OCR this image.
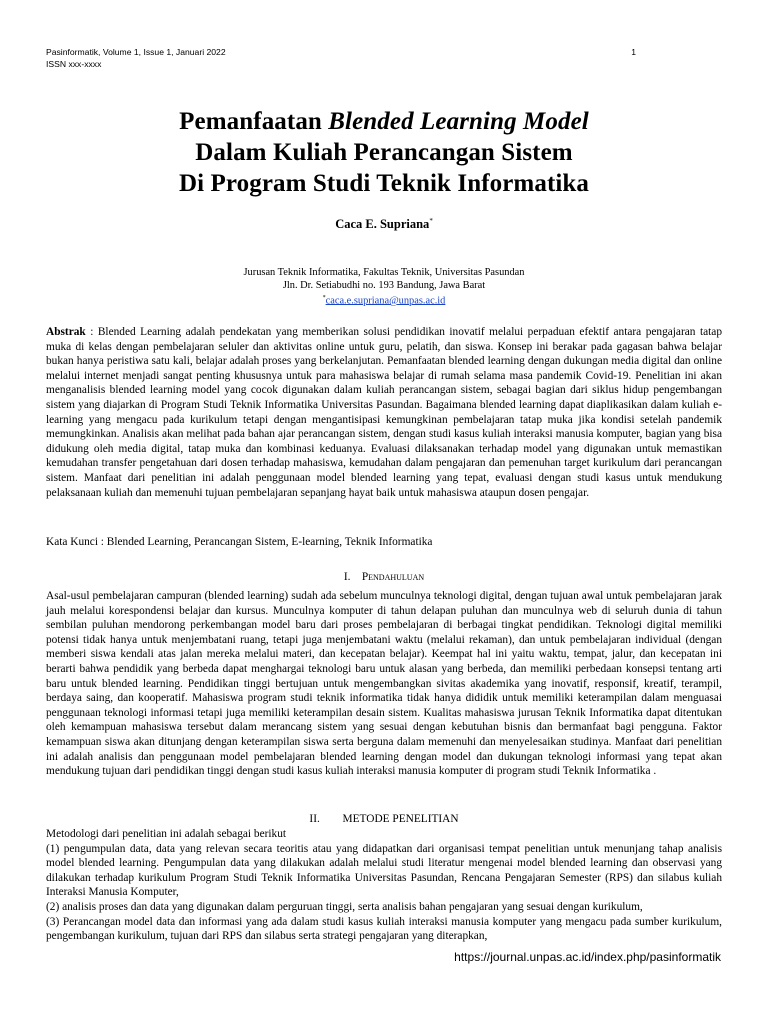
Pasinformatik, Volume 1, Issue 1, Januari 2022
ISSN xxx-xxxx
1
Pemanfaatan Blended Learning Model
Dalam Kuliah Perancangan Sistem
Di Program Studi Teknik Informatika
Caca E. Supriana*
Jurusan Teknik Informatika, Fakultas Teknik, Universitas Pasundan
Jln. Dr. Setiabudhi no. 193 Bandung, Jawa Barat
*caca.e.supriana@unpas.ac.id
Abstrak : Blended Learning adalah pendekatan yang memberikan solusi pendidikan inovatif melalui perpaduan efektif antara pengajaran tatap muka di kelas dengan pembelajaran seluler dan aktivitas online untuk guru, pelatih, dan siswa. Konsep ini berakar pada gagasan bahwa belajar bukan hanya peristiwa satu kali, belajar adalah proses yang berkelanjutan. Pemanfaatan blended learning dengan dukungan media digital dan online melalui internet menjadi sangat penting khususnya untuk para mahasiswa belajar di rumah selama masa pandemik Covid-19. Penelitian ini akan menganalisis blended learning model yang cocok digunakan dalam kuliah perancangan sistem, sebagai bagian dari siklus hidup pengembangan sistem yang diajarkan di Program Studi Teknik Informatika Universitas Pasundan. Bagaimana blended learning dapat diaplikasikan dalam kuliah e-learning yang mengacu pada kurikulum tetapi dengan mengantisipasi kemungkinan pembelajaran tatap muka jika kondisi setelah pandemik memungkinkan. Analisis akan melihat pada bahan ajar perancangan sistem, dengan studi kasus kuliah interaksi manusia komputer, bagian yang bisa didukung oleh media digital, tatap muka dan kombinasi keduanya. Evaluasi dilaksanakan terhadap model yang digunakan untuk memastikan kemudahan transfer pengetahuan dari dosen terhadap mahasiswa, kemudahan dalam pengajaran dan pemenuhan target kurikulum dari perancangan sistem. Manfaat dari penelitian ini adalah penggunaan model blended learning yang tepat, evaluasi dengan studi kasus untuk mendukung pelaksanaan kuliah dan memenuhi tujuan pembelajaran sepanjang hayat baik untuk mahasiswa ataupun dosen pengajar.
Kata Kunci : Blended Learning, Perancangan Sistem, E-learning, Teknik Informatika
I. Pendahuluan
Asal-usul pembelajaran campuran (blended learning) sudah ada sebelum munculnya teknologi digital, dengan tujuan awal untuk pembelajaran jarak jauh melalui korespondensi belajar dan kursus. Munculnya komputer di tahun delapan puluhan dan munculnya web di seluruh dunia di tahun sembilan puluhan mendorong perkembangan model baru dari proses pembelajaran di berbagai tingkat pendidikan. Teknologi digital memiliki potensi tidak hanya untuk menjembatani ruang, tetapi juga menjembatani waktu (melalui rekaman), dan untuk pembelajaran individual (dengan memberi siswa kendali atas jalan mereka melalui materi, dan kecepatan belajar). Keempat hal ini yaitu waktu, tempat, jalur, dan kecepatan ini berarti bahwa pendidik yang berbeda dapat menghargai teknologi baru untuk alasan yang berbeda, dan memiliki perbedaan konsepsi tentang arti baru untuk blended learning. Pendidikan tinggi bertujuan untuk mengembangkan sivitas akademika yang inovatif, responsif, kreatif, terampil, berdaya saing, dan kooperatif. Mahasiswa program studi teknik informatika tidak hanya dididik untuk memiliki keterampilan dalam menguasai penggunaan teknologi informasi tetapi juga memiliki keterampilan desain sistem. Kualitas mahasiswa jurusan Teknik Informatika dapat ditentukan oleh kemampuan mahasiswa tersebut dalam merancang sistem yang sesuai dengan kebutuhan bisnis dan bermanfaat bagi pengguna. Faktor kemampuan siswa akan ditunjang dengan keterampilan siswa serta berguna dalam memenuhi dan menyelesaikan studinya. Manfaat dari penelitian ini adalah analisis dan penggunaan model pembelajaran blended learning dengan model dan dukungan teknologi informasi yang tepat akan mendukung tujuan dari pendidikan tinggi dengan studi kasus kuliah interaksi manusia komputer di program studi Teknik Informatika .
II. METODE PENELITIAN

Metodologi dari penelitian ini adalah sebagai berikut

(1) pengumpulan data, data yang relevan secara teoritis atau yang didapatkan dari organisasi tempat penelitian untuk menunjang tahap analisis model blended learning. Pengumpulan data yang dilakukan adalah melalui studi literatur mengenai model blended learning dan observasi yang dilakukan terhadap kurikulum Program Studi Teknik Informatika Universitas Pasundan, Rencana Pengajaran Semester (RPS) dan silabus kuliah Interaksi Manusia Komputer,

(2) analisis proses dan data yang digunakan dalam perguruan tinggi, serta analisis bahan pengajaran yang sesuai dengan kurikulum,

(3) Perancangan model data dan informasi yang ada dalam studi kasus kuliah interaksi manusia komputer yang mengacu pada sumber kurikulum, pengembangan kurikulum, tujuan dari RPS dan silabus serta strategi pengajaran yang diterapkan,

https://journal.unpas.ac.id/index.php/pasinformatik
